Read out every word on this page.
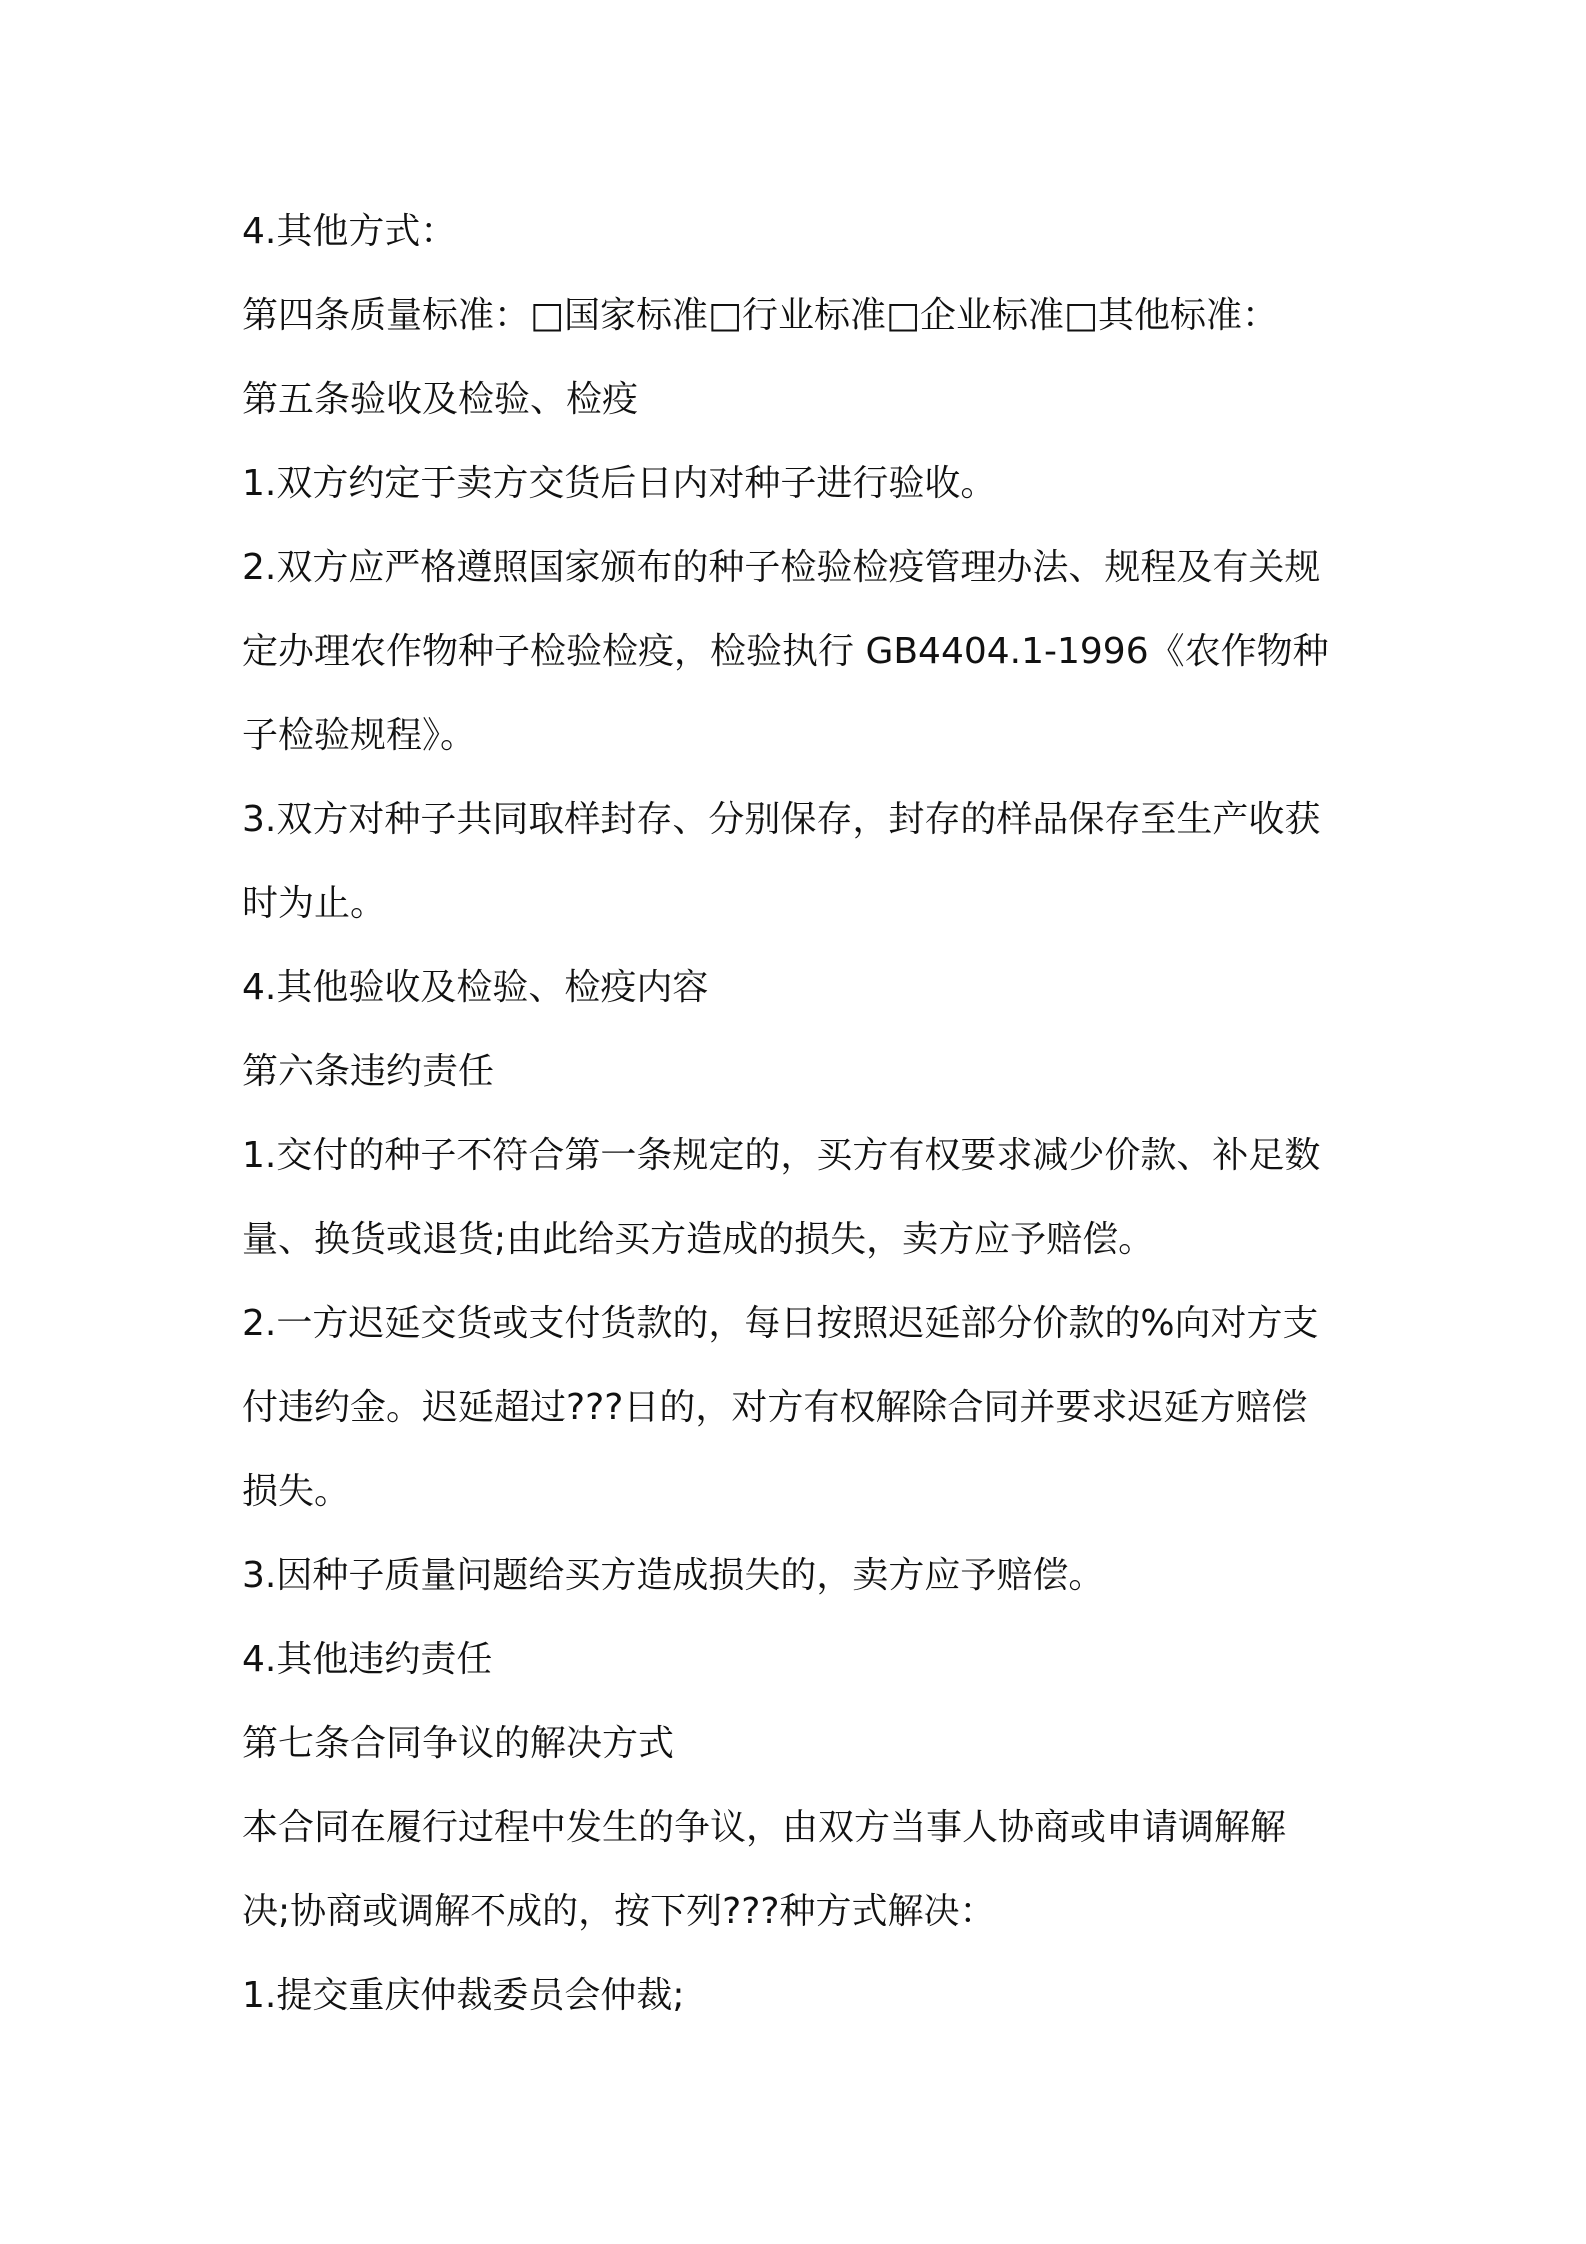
4.其他方式：
第四条质量标准：□国家标准□行业标准□企业标准□其他标准：
第五条验收及检验、检疫
1.双方约定于卖方交货后日内对种子进行验收。
2.双方应严格遵照国家颁布的种子检验检疫管理办法、规程及有关规
定办理农作物种子检验检疫，检验执行 GB4404.1-1996《农作物种
子检验规程》。
3.双方对种子共同取样封存、分别保存，封存的样品保存至生产收获
时为止。
4.其他验收及检验、检疫内容
第六条违约责任
1.交付的种子不符合第一条规定的，买方有权要求减少价款、补足数
量、换货或退货;由此给买方造成的损失，卖方应予赔偿。
2.一方迟延交货或支付货款的，每日按照迟延部分价款的%向对方支
付违约金。迟延超过???日的，对方有权解除合同并要求迟延方赔偿
损失。
3.因种子质量问题给买方造成损失的，卖方应予赔偿。
4.其他违约责任
第七条合同争议的解决方式
本合同在履行过程中发生的争议，由双方当事人协商或申请调解解
决;协商或调解不成的，按下列???种方式解决：
1.提交重庆仲裁委员会仲裁;
